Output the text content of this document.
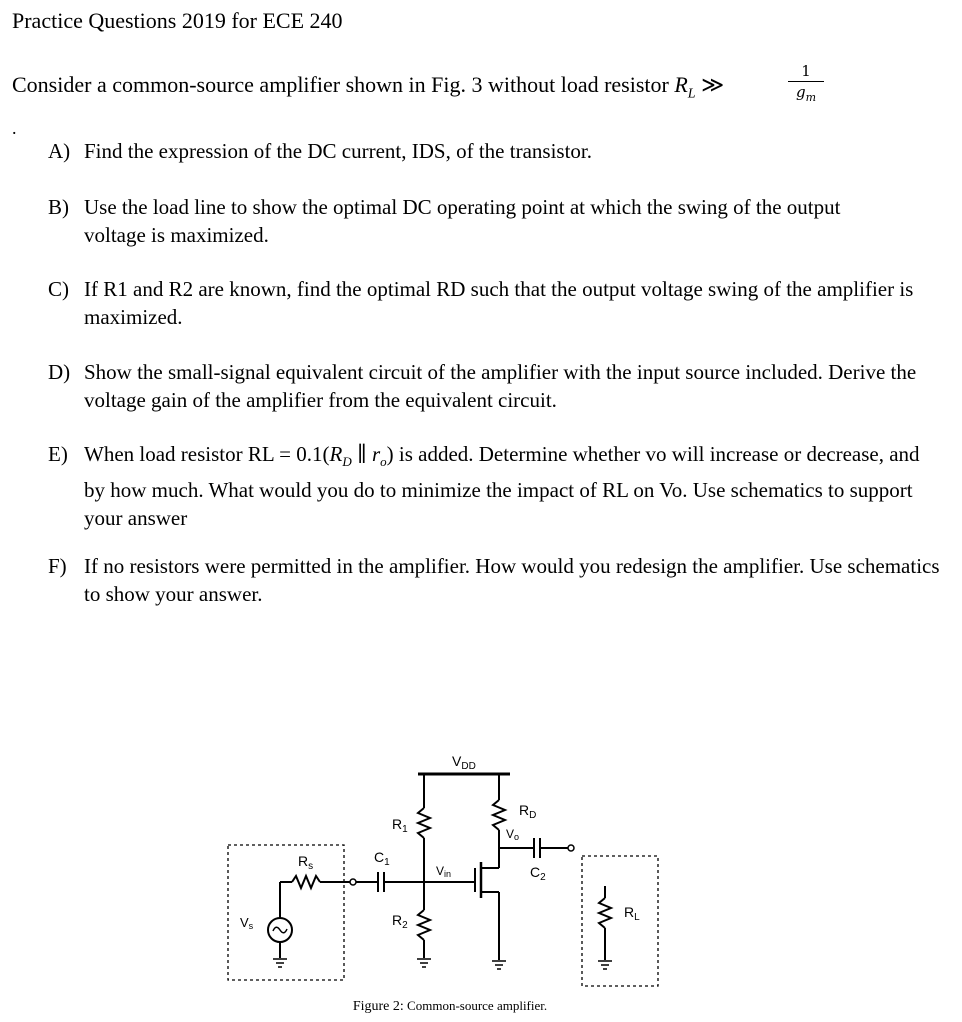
Practice Questions 2019 for ECE 240
Consider a common-source amplifier shown in Fig. 3 without load resistor $R_L$ ≫	$\frac{1}{g_m}$
.
A) Find the expression of the DC current, IDS, of the transistor.
B) Use the load line to show the optimal DC operating point at which the swing of the output voltage is maximized.
C) If R1 and R2 are known, find the optimal RD such that the output voltage swing of the amplifier is maximized.
D) Show the small-signal equivalent circuit of the amplifier with the input source included. Derive the voltage gain of the amplifier from the equivalent circuit.
E) When load resistor RL = $0.1(R_D$ ∥ $r_o$) is added. Determine whether vo will increase or decrease, and by how much. What would you do to minimize the impact of RL on Vo. Use schematics to support your answer
F) If no resistors were permitted in the amplifier. How would you redesign the amplifier. Use schematics to show your answer.
$V_{DD}$
$R_1$
$R_2$
$R_D$
Vo
$C_2$
Vin
$C_1$
$R_s$
Vs
$R_L$
Figure 2: Common-source amplifier.
